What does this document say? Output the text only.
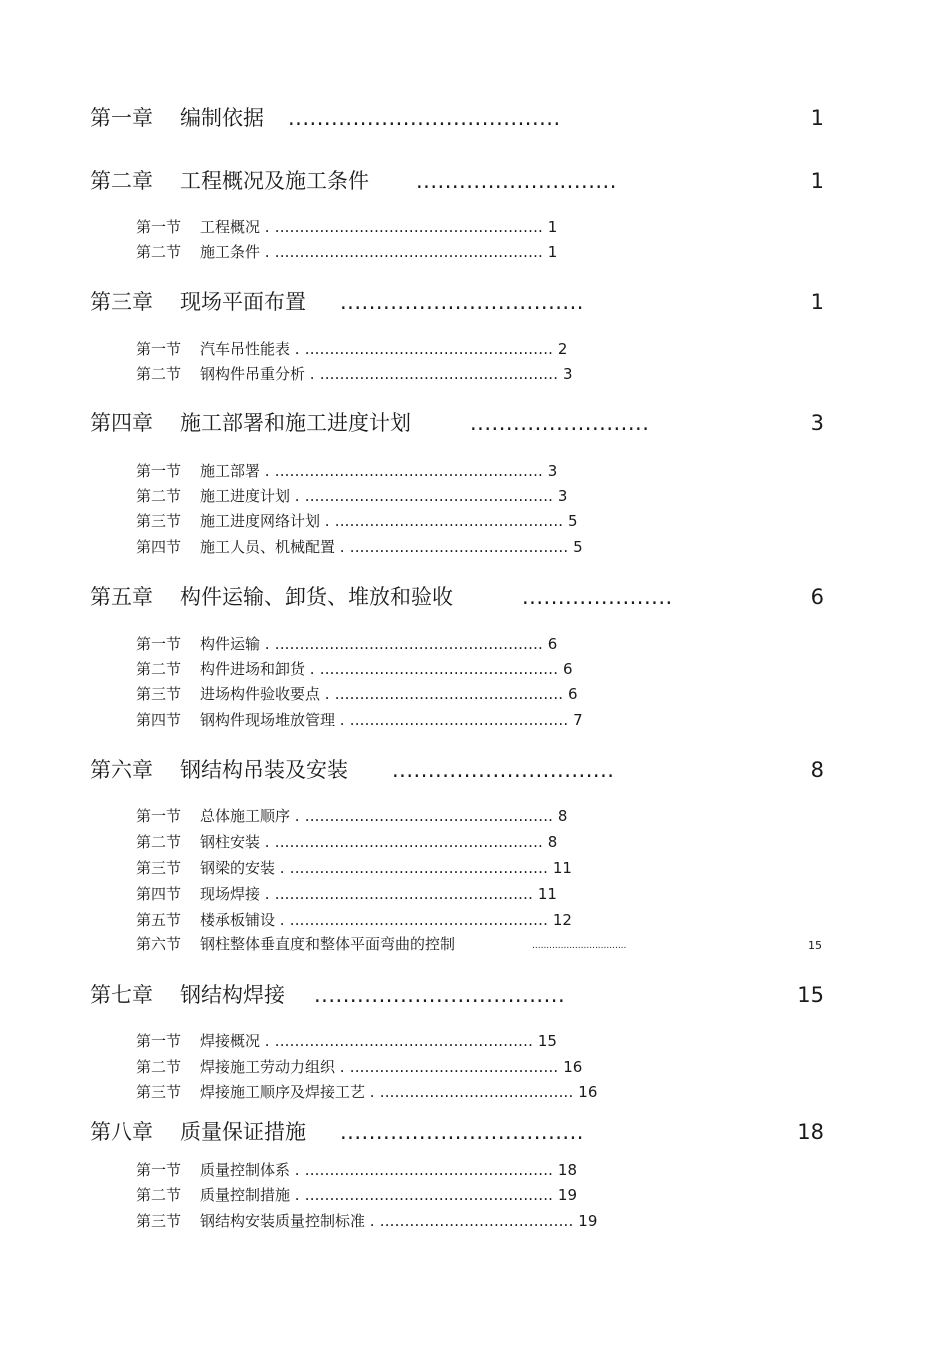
第一章 编制依据 ......................................	1
第二章 工程概况及施工条件 ............................	1
第一节 工程概况 . ...................................................... 1
第二节 施工条件 . ...................................................... 1
第三章 现场平面布置 ..................................	1
第一节 汽车吊性能表 . .................................................. 2
第二节 钢构件吊重分析 . ................................................ 3
第四章 施工部署和施工进度计划	.........................	3
第一节 施工部署 . ...................................................... 3
第二节 施工进度计划 . .................................................. 3
第三节 施工进度网络计划 . .............................................. 5
第四节 施工人员、机械配置 . ............................................ 5
第五章 构件运输、卸货、堆放和验收	.....................	6
第一节 构件运输 . ...................................................... 6
第二节 构件进场和卸货 . ................................................ 6
第三节 进场构件验收要点 . .............................................. 6
第四节 钢构件现场堆放管理 . ............................................ 7
第六章 钢结构吊装及安装 ...............................	8
第一节 总体施工顺序 . .................................................. 8
第二节 钢柱安装 . ...................................................... 8
第三节 钢梁的安装 . .................................................... 11
第四节 现场焊接 . .................................................... 11
第五节 楼承板铺设 . .................................................... 12
第六节 钢柱整体垂直度和整体平面弯曲的控制	.................................	15
第七章 钢结构焊接 ...................................	15
第一节 焊接概况 . .................................................... 15
第二节 焊接施工劳动力组织 . .......................................... 16
第三节 焊接施工顺序及焊接工艺 . ....................................... 16
第八章 质量保证措施 ..................................	18
第一节 质量控制体系 . .................................................. 18
第二节 质量控制措施 . .................................................. 19
第三节 钢结构安装质量控制标准 . ....................................... 19
